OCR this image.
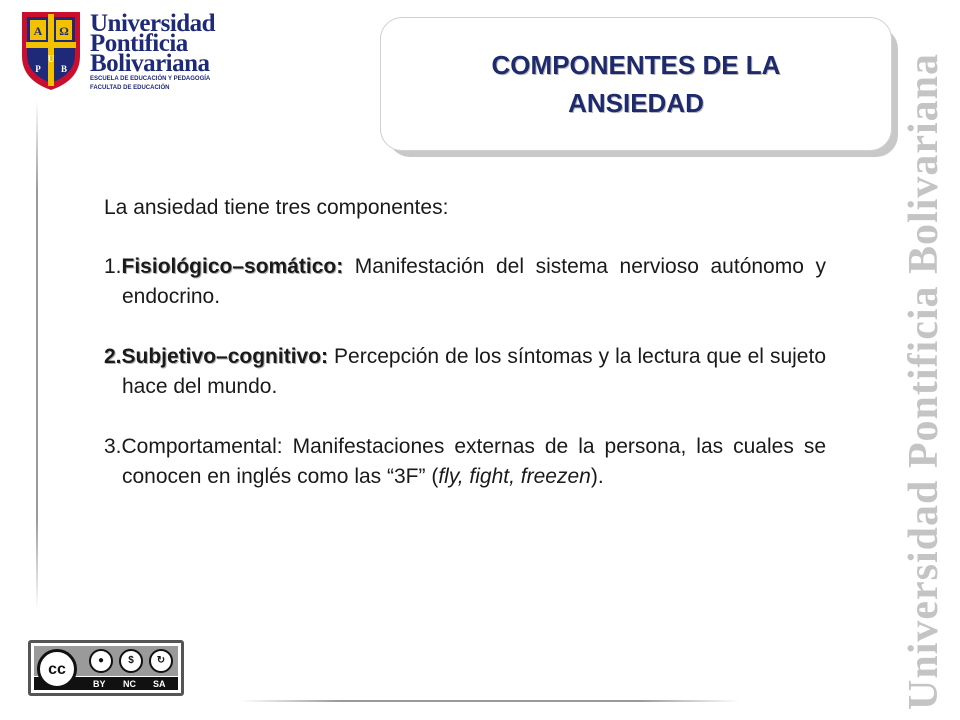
A Ω
U
P B
Universidad
Pontificia
Bolivariana
ESCUELA DE EDUCACIÓN Y PEDAGOGÍA
FACULTAD DE EDUCACIÓN
COMPONENTES DE LA ANSIEDAD	Universidad Pontificia Bolivariana

La ansiedad tiene tres componentes:

1.Fisiológico–somático: Manifestación del sistema nervioso autónomo y endocrino.

2.Subjetivo–cognitivo: Percepción de los síntomas y la lectura que el sujeto hace del mundo.

3.Comportamental: Manifestaciones externas de la persona, las cuales se conocen en inglés como las “3F” (fly, fight, freezen).

cc
●	$	↻
BY NC SA
